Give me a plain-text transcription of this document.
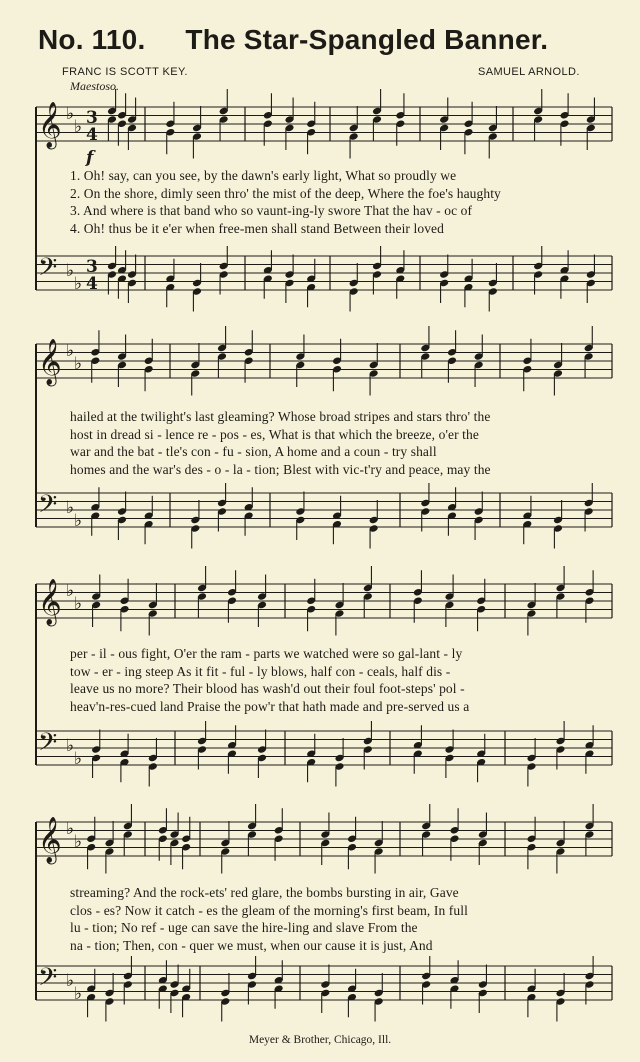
No. 110. The Star-Spangled Banner.
FRANC IS SCOTT KEY.	SAMUEL ARNOLD.
Maestoso.
𝄞 ♭
♭ 3
4
𝄢 ♭
♭
3
4
𝄞 ♭
♭
𝄢 ♭
♭
𝄞 ♭
♭
𝄢 ♭
♭
𝄞 ♭
♭
𝄢 ♭
♭
f
1. Oh! say, can you see, by the dawn's early light, What so proudly we
2. On the shore, dimly seen thro' the mist of the deep, Where the foe's haughty
3. And where is that band who so vaunt-ing-ly swore That the hav - oc of
4. Oh! thus be it e'er when free-men shall stand Between their loved
hailed at the twilight's last gleaming? Whose broad stripes and stars thro' the
host in dread si - lence re - pos - es, What is that which the breeze, o'er the
war and the bat - tle's con - fu - sion, A home and a coun - try shall
homes and the war's des - o - la - tion; Blest with vic-t'ry and peace, may the
per - il - ous fight, O'er the ram - parts we watched were so gal-lant - ly
tow - er - ing steep As it fit - ful - ly blows, half con - ceals, half dis -
leave us no more? Their blood has wash'd out their foul foot-steps' pol -
heav'n-res-cued land Praise the pow'r that hath made and pre-served us a
streaming? And the rock-ets' red glare, the bombs bursting in air, Gave
clos - es? Now it catch - es the gleam of the morning's first beam, In full
lu - tion; No ref - uge can save the hire-ling and slave From the
na - tion; Then, con - quer we must, when our cause it is just, And
Meyer & Brother, Chicago, Ill.
